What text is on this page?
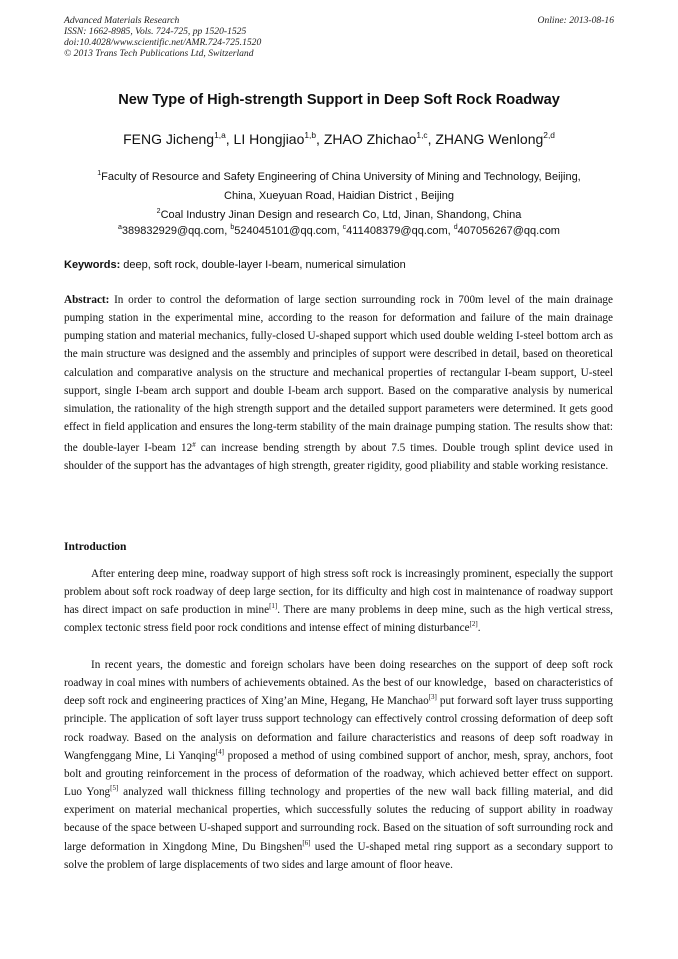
Advanced Materials Research
ISSN: 1662-8985, Vols. 724-725, pp 1520-1525
doi:10.4028/www.scientific.net/AMR.724-725.1520
© 2013 Trans Tech Publications Ltd, Switzerland
Online: 2013-08-16
New Type of High-strength Support in Deep Soft Rock Roadway
FENG Jicheng$^{1,a}$, LI Hongjiao$^{1,b}$, ZHAO Zhichao$^{1,c}$, ZHANG Wenlong$^{2,d}$
$^1$Faculty of Resource and Safety Engineering of China University of Mining and Technology, Beijing,
China, Xueyuan Road, Haidian District , Beijing
$^2$Coal Industry Jinan Design and research Co, Ltd, Jinan, Shandong, China
$^a$389832929@qq.com, $^b$524045101@qq.com, $^c$411408379@qq.com, $^d$407056267@qq.com
Keywords: deep, soft rock, double-layer I-beam, numerical simulation
Abstract: In order to control the deformation of large section surrounding rock in 700m level of the main drainage pumping station in the experimental mine, according to the reason for deformation and failure of the main drainage pumping station and material mechanics, fully-closed U-shaped support which used double welding I-steel bottom arch as the main structure was designed and the assembly and principles of support were described in detail, based on theoretical calculation and comparative analysis on the structure and mechanical properties of rectangular I-beam support, U-steel support, single I-beam arch support and double I-beam arch support. Based on the comparative analysis by numerical simulation, the rationality of the high strength support and the detailed support parameters were determined. It gets good effect in field application and ensures the long-term stability of the main drainage pumping station. The results show that: the double-layer I-beam 12# can increase bending strength by about 7.5 times. Double trough splint device used in shoulder of the support has the advantages of high strength, greater rigidity, good pliability and stable working resistance.
Introduction

After entering deep mine, roadway support of high stress soft rock is increasingly prominent, especially the support problem about soft rock roadway of deep large section, for its difficulty and high cost in maintenance of roadway support has direct impact on safe production in mine[1]. There are many problems in deep mine, such as the high vertical stress, complex tectonic stress field poor rock conditions and intense effect of mining disturbance[2].

In recent years, the domestic and foreign scholars have been doing researches on the support of deep soft rock roadway in coal mines with numbers of achievements obtained. As the best of our knowledge，based on characteristics of deep soft rock and engineering practices of Xing’an Mine, Hegang, He Manchao[3] put forward soft layer truss supporting principle. The application of soft layer truss support technology can effectively control crossing deformation of deep soft rock roadway. Based on the analysis on deformation and failure characteristics and reasons of deep soft roadway in Wangfenggang Mine, Li Yanqing[4] proposed a method of using combined support of anchor, mesh, spray, anchors, foot bolt and grouting reinforcement in the process of deformation of the roadway, which achieved better effect on support. Luo Yong[5] analyzed wall thickness filling technology and properties of the new wall back filling material, and did experiment on material mechanical properties, which successfully solutes the reducing of support ability in roadway because of the space between U-shaped support and surrounding rock. Based on the situation of soft surrounding rock and large deformation in Xingdong Mine, Du Bingshen[6] used the U-shaped metal ring support as a secondary support to solve the problem of large displacements of two sides and large amount of floor heave.
